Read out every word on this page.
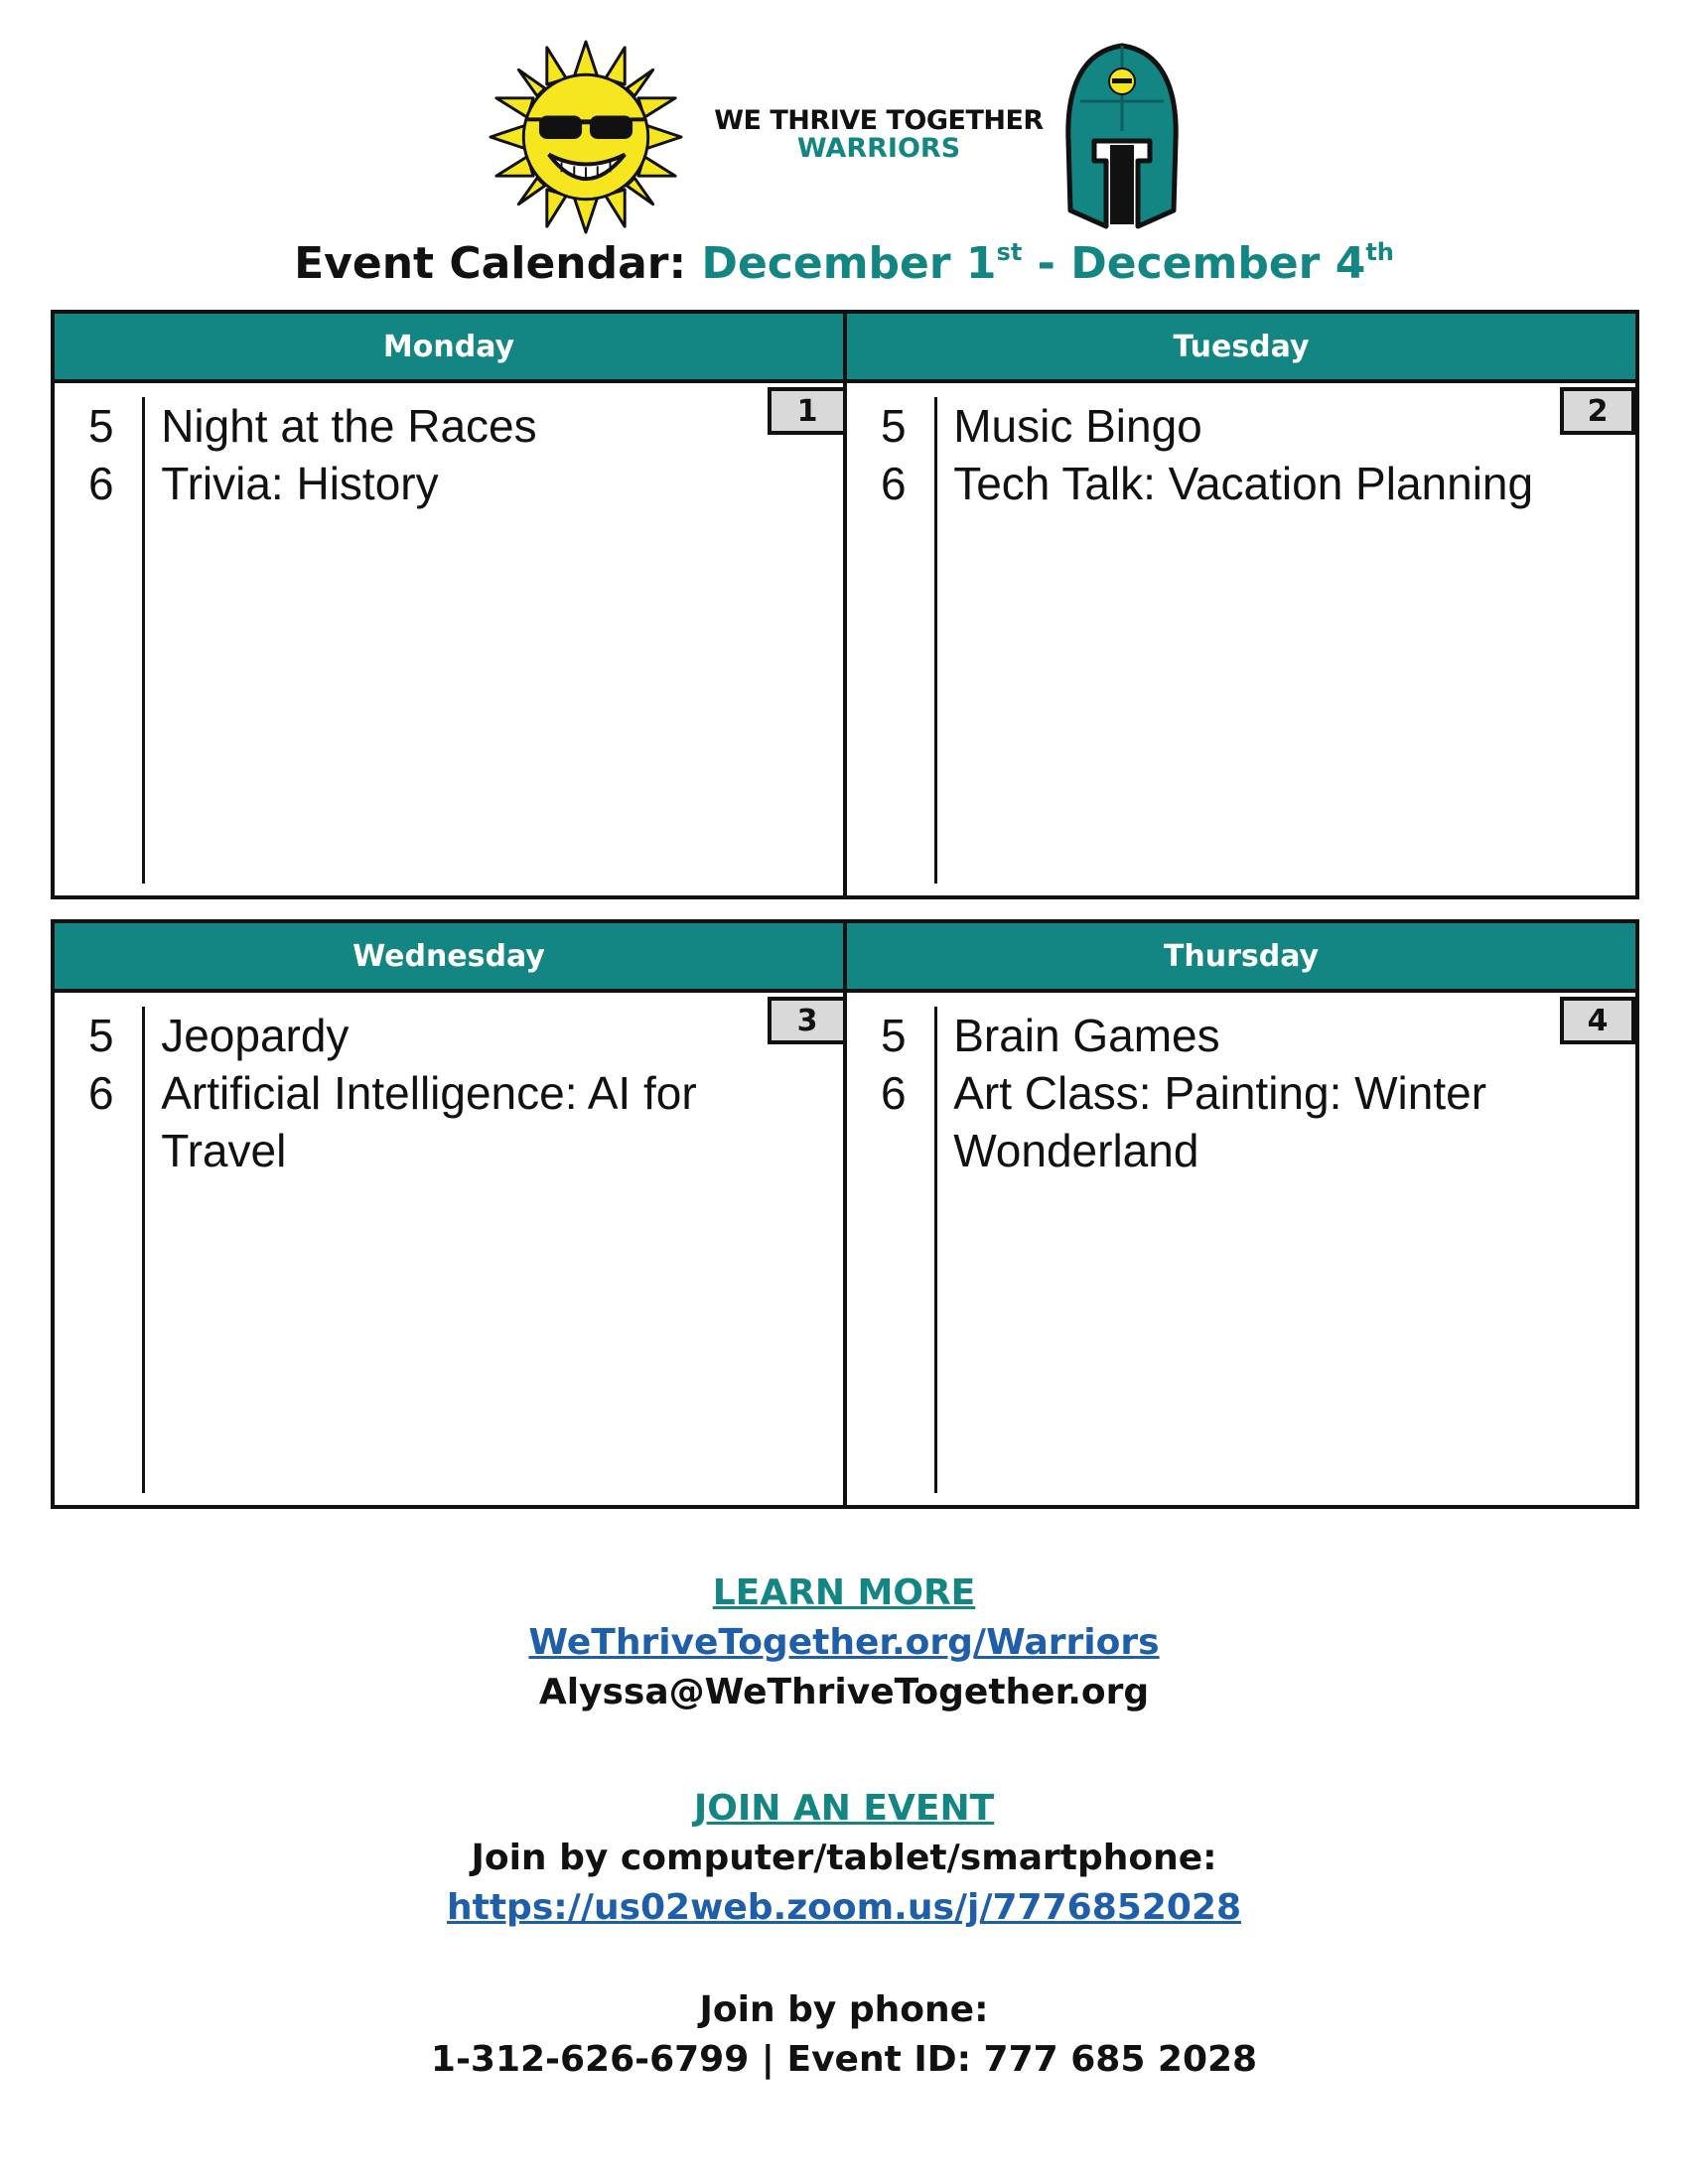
WE THRIVE TOGETHER
WARRIORS
Event Calendar: December 1st - December 4th
Monday
1
5	Night at the Races
6	Trivia: History
Tuesday
2
5	Music Bingo
6	Tech Talk: Vacation Planning
Wednesday
3
5	Jeopardy
6	Artificial Intelligence: AI for Travel
Thursday
4
5	Brain Games
6	Art Class: Painting: Winter Wonderland
LEARN MORE
WeThriveTogether.org/Warriors
Alyssa@WeThriveTogether.org
JOIN AN EVENT
Join by computer/tablet/smartphone:
https://us02web.zoom.us/j/7776852028
Join by phone:
1-312-626-6799 | Event ID: 777 685 2028
